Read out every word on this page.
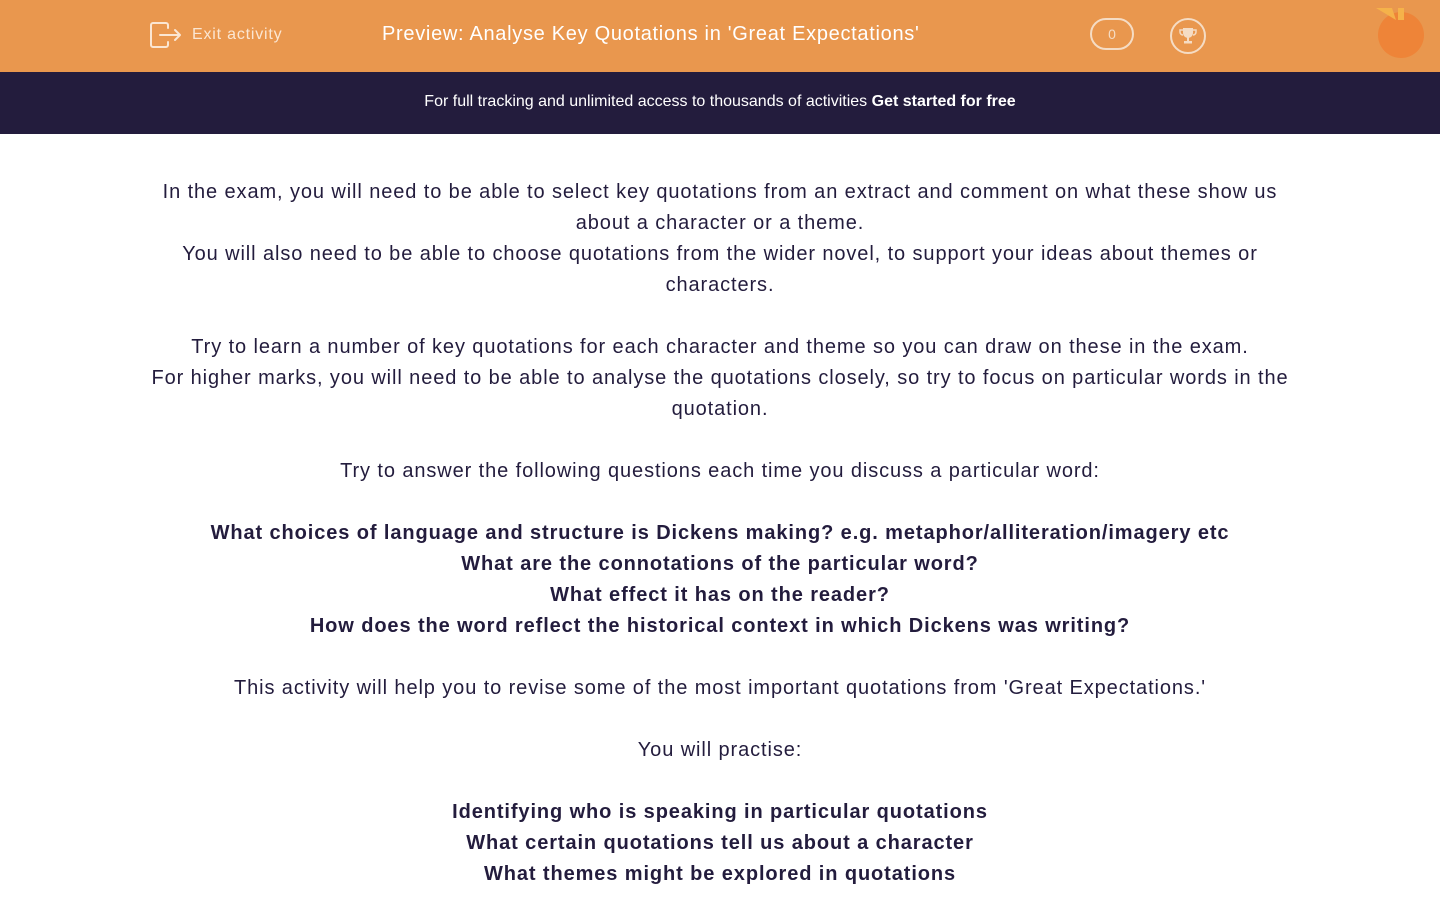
Exit activity	Preview: Analyse Key Quotations in 'Great Expectations'	0
For full tracking and unlimited access to thousands of activities Get started for free

In the exam, you will need to be able to select key quotations from an extract and comment on what these show us about a character or a theme.

You will also need to be able to choose quotations from the wider novel, to support your ideas about themes or characters.

Try to learn a number of key quotations for each character and theme so you can draw on these in the exam.

For higher marks, you will need to be able to analyse the quotations closely, so try to focus on particular words in the quotation.

Try to answer the following questions each time you discuss a particular word:

What choices of language and structure is Dickens making? e.g. metaphor/alliteration/imagery etc
What are the connotations of the particular word?
What effect it has on the reader?
How does the word reflect the historical context in which Dickens was writing?

This activity will help you to revise some of the most important quotations from 'Great Expectations.'

You will practise:

Identifying who is speaking in particular quotations
What certain quotations tell us about a character
What themes might be explored in quotations
